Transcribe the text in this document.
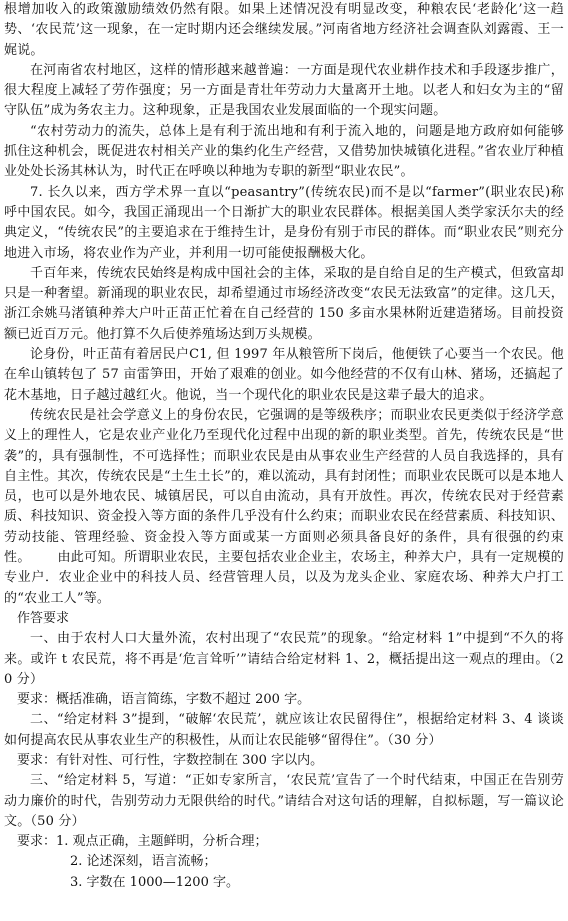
根增加收入的政策激励绩效仍然有限。如果上述情况没有明显改变，种粮农民‘老龄化’这一趋势、‘农民荒’这一现象，在一定时期内还会继续发展。”河南省地方经济社会调查队刘露霞、王一娓说。

在河南省农村地区，这样的情形越来越普遍：一方面是现代农业耕作技术和手段逐步推广，很大程度上减轻了劳作强度；另一方面是青壮年劳动力大量离开土地。以老人和妇女为主的“留守队伍”成为务农主力。这种现象，正是我国农业发展面临的一个现实问题。

“农村劳动力的流失，总体上是有利于流出地和有利于流入地的，问题是地方政府如何能够抓住这种机会，既促进农村相关产业的集约化生产经营，又借势加快城镇化进程。”省农业厅种植业处处长汤其林认为，时代正在呼唤以种地为专职的新型“职业农民”。

7. 长久以来，西方学术界一直以“peasantry”(传统农民)而不是以“farmer”(职业农民)称呼中国农民。如今，我国正涌现出一个日渐扩大的职业农民群体。根据美国人类学家沃尔夫的经典定义，“传统农民”的主要追求在于维持生计，是身份有别于市民的群体。而“职业农民”则充分地进入市场，将农业作为产业，并利用一切可能使报酬极大化。

千百年来，传统农民始终是构成中国社会的主体，采取的是自给自足的生产模式，但致富却只是一种奢望。新涌现的职业农民，却希望通过市场经济改变“农民无法致富”的定律。这几天，浙江余姚马渚镇种养大户叶正苗正忙着在自己经营的 150 多亩水果林附近建造猪场。目前投资额已近百万元。他打算不久后使养殖场达到万头规模。

论身份，叶正苗有着居民户C1, 但 1997 年从粮管所下岗后，他便铁了心要当一个农民。他在牟山镇转包了 57 亩雷笋田，开始了艰难的创业。如今他经营的不仅有山林、猪场，还搞起了花木基地，日子越过越红火。他说，当一个现代化的职业农民是这辈子最大的追求。

传统农民是社会学意义上的身份农民，它强调的是等级秩序；而职业农民更类似于经济学意义上的理性人，它是农业产业化乃至现代化过程中出现的新的职业类型。首先，传统农民是“世袭”的，具有强制性，不可选择性；而职业农民是由从事农业生产经营的人员自我选择的，具有自主性。其次，传统农民是“土生土长”的，难以流动，具有封闭性；而职业农民既可以是本地人员，也可以是外地农民、城镇居民，可以自由流动，具有开放性。再次，传统农民对于经营素质、科技知识、资金投入等方面的条件几乎没有什么约束；而职业农民在经营素质、科技知识、劳动技能、管理经验、资金投入等方面或某一方面则必须具备良好的条件，具有很强的约束性。 由此可知。所谓职业农民，主要包括农业企业主，农场主，种养大户，具有一定规模的专业户．农业企业中的科技人员、经营管理人员，以及为龙头企业、家庭农场、种养大户打工的“农业工人”等。

作答要求

一、由于农村人口大量外流，农村出现了“农民荒”的现象。“给定材料 1”中提到“不久的将来。或许 t 农民荒，将不再是‘危言耸听’”请结合给定材料 1、2，概括提出这一观点的理由。（20 分）

要求：概括准确，语言简练，字数不超过 200 字。

二、“给定材料 3”提到，“破解‘农民荒’，就应该让农民留得住”，根据给定材料 3、4 谈谈如何提高农民从事农业生产的积极性，从而让农民能够“留得住”。（30 分）

要求：有针对性、可行性，字数控制在 300 字以内。

三、“给定材料 5，写道：“正如专家所言，‘农民荒’宣告了一个时代结束，中国正在告别劳动力廉价的时代，告别劳动力无限供给的时代。”请结合对这句话的理解，自拟标题，写一篇议论文。（50 分）

要求：1. 观点正确，主题鲜明，分析合理；

2. 论述深刻，语言流畅；

3. 字数在 1000—1200 字。
